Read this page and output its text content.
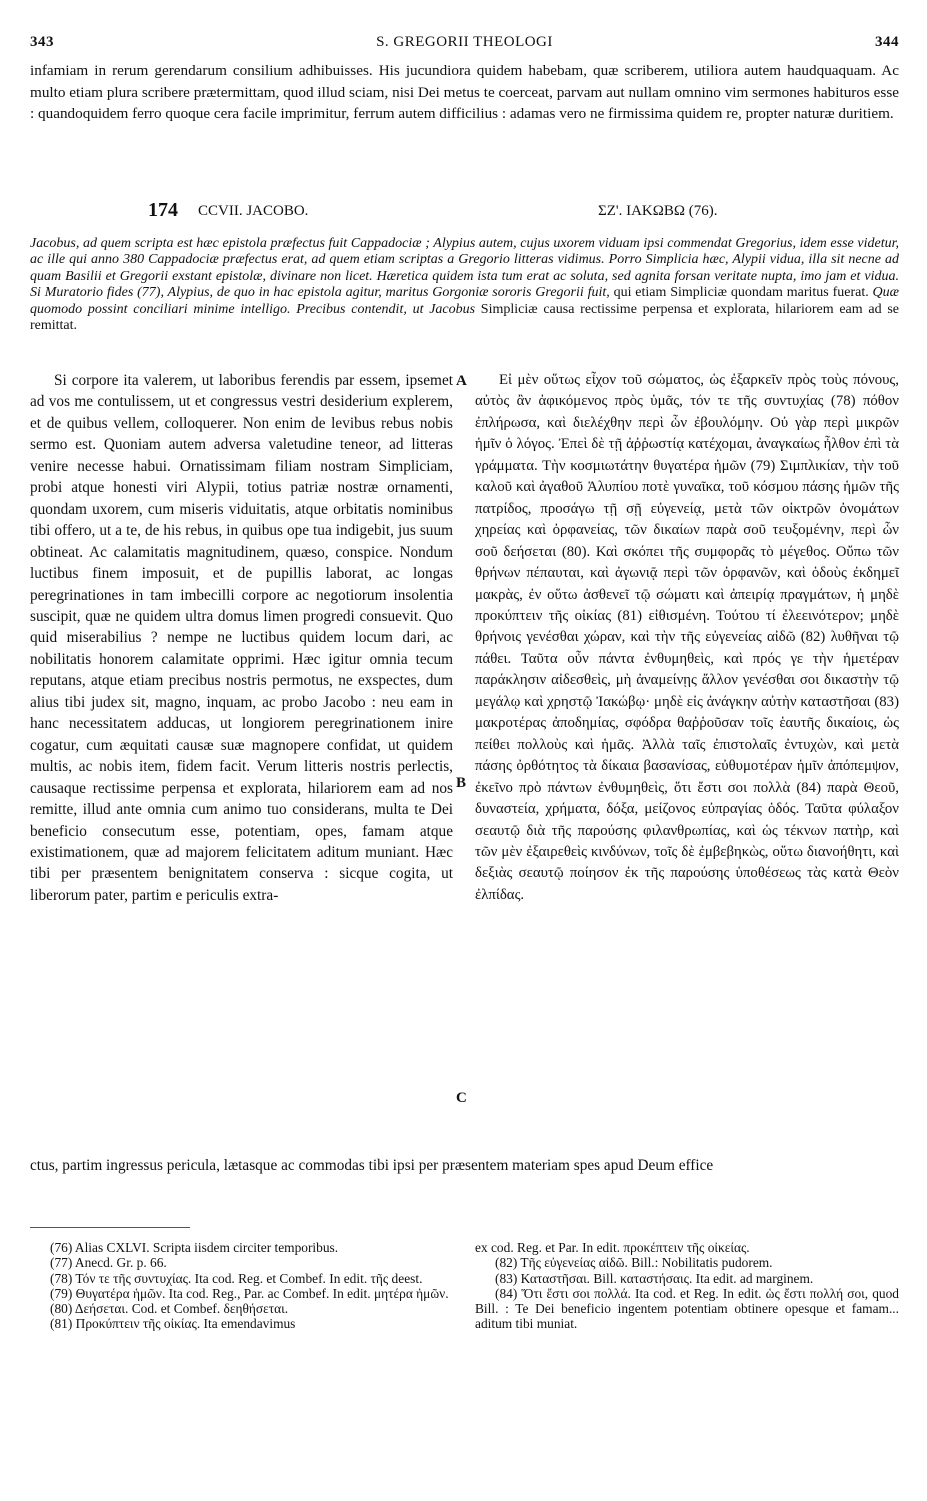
343	S. GREGORII THEOLOGI	344

infamiam in rerum gerendarum consilium adhibuisses. His jucundiora quidem habebam, quæ scriberem, utiliora autem haudquaquam. Ac multo etiam plura scribere prætermittam, quod illud sciam, nisi Dei metus te coerceat, parvam aut nullam omnino vim sermones habituros esse : quandoquidem ferro quoque cera facile imprimitur, ferrum autem difficilius : adamas vero ne firmissima quidem re, propter naturæ duritiem.

174 CCVII. JACOBO.	ΣΖ'. ΙΑΚΩΒΩ (76).
Jacobus, ad quem scripta est hæc epistola præfectus fuit Cappadociæ ; Alypius autem, cujus uxorem viduam ipsi commendat Gregorius, idem esse videtur, ac ille qui anno 380 Cappadociæ præfectus erat, ad quem etiam scriptas a Gregorio litteras vidimus. Porro Simplicia hæc, Alypii vidua, illa sit necne ad quam Basilii et Gregorii exstant epistolæ, divinare non licet. Hæretica quidem ista tum erat ac soluta, sed agnita forsan veritate nupta, imo jam et vidua. Si Muratorio fides (77), Alypius, de quo in hac epistola agitur, maritus Gorgoniæ sororis Gregorii fuit, qui etiam Simpliciæ quondam maritus fuerat. Quæ quomodo possint conciliari minime intelligo. Precibus contendit, ut Jacobus Simpliciæ causa rectissime perpensa et explorata, hilariorem eam ad se remittat.

Si corpore ita valerem, ut laboribus ferendis par essem, ipsemet ad vos me contulissem, ut et congressus vestri desiderium explerem, et de quibus vellem, colloquerer. Non enim de levibus rebus nobis sermo est. Quoniam autem adversa valetudine teneor, ad litteras venire necesse habui. Ornatissimam filiam nostram Simpliciam, probi atque honesti viri Alypii, totius patriæ nostræ ornamenti, quondam uxorem, cum miseris viduitatis, atque orbitatis nominibus tibi offero, ut a te, de his rebus, in quibus ope tua indigebit, jus suum obtineat. Ac calamitatis magnitudinem, quæso, conspice. Nondum luctibus finem imposuit, et de pupillis laborat, ac longas peregrinationes in tam imbecilli corpore ac negotiorum insolentia suscipit, quæ ne quidem ultra domus limen progredi consuevit. Quo quid miserabilius ? nempe ne luctibus quidem locum dari, ac nobilitatis honorem calamitate opprimi. Hæc igitur omnia tecum reputans, atque etiam precibus nostris permotus, ne exspectes, dum alius tibi judex sit, magno, inquam, ac probo Jacobo : neu eam in hanc necessitatem adducas, ut longiorem peregrinationem inire cogatur, cum æquitati causæ suæ magnopere confidat, ut quidem multis, ac nobis item, fidem facit. Verum litteris nostris perlectis, causaque rectissime perpensa et explorata, hilariorem eam ad nos remitte, illud ante omnia cum animo tuo considerans, multa te Dei beneficio consecutum esse, potentiam, opes, famam atque existimationem, quæ ad majorem felicitatem aditum muniant. Hæc tibi per præsentem benignitatem conserva : sicque cogita, ut liberorum pater, partim e periculis extra-

A
B
C

Εἰ μὲν οὕτως εἶχον τοῦ σώματος, ὡς ἐξαρκεῖν πρὸς τοὺς πόνους, αὐτὸς ἂν ἀφικόμενος πρὸς ὑμᾶς, τόν τε τῆς συντυχίας (78) πόθον ἐπλήρωσα, καὶ διελέχθην περὶ ὧν ἐβουλόμην. Οὐ γὰρ περὶ μικρῶν ἡμῖν ὁ λόγος. Ἐπεὶ δὲ τῇ ἀῤῥωστίᾳ κατέχομαι, ἀναγκαίως ἦλθον ἐπὶ τὰ γράμματα. Τὴν κοσμιωτάτην θυγατέρα ἡμῶν (79) Σιμπλικίαν, τὴν τοῦ καλοῦ καὶ ἀγαθοῦ Ἀλυπίου ποτὲ γυναῖκα, τοῦ κόσμου πάσης ἡμῶν τῆς πατρίδος, προσάγω τῇ σῇ εὐγενείᾳ, μετὰ τῶν οἰκτρῶν ὀνομάτων χηρείας καὶ ὀρφανείας, τῶν δικαίων παρὰ σοῦ τευξομένην, περὶ ὧν σοῦ δεήσεται (80). Καὶ σκόπει τῆς συμφορᾶς τὸ μέγεθος. Οὔπω τῶν θρήνων πέπαυται, καὶ ἀγωνιᾷ περὶ τῶν ὀρφανῶν, καὶ ὁδοὺς ἐκδημεῖ μακρὰς, ἐν οὕτω ἀσθενεῖ τῷ σώματι καὶ ἀπειρίᾳ πραγμάτων, ἡ μηδὲ προκύπτειν τῆς οἰκίας (81) εἰθισμένη. Τούτου τί ἐλεεινότερον; μηδὲ θρήνοις γενέσθαι χώραν, καὶ τὴν τῆς εὐγενείας αἰδῶ (82) λυθῆναι τῷ πάθει. Ταῦτα οὖν πάντα ἐνθυμηθεὶς, καὶ πρός γε τὴν ἡμετέραν παράκλησιν αἰδεσθεὶς, μὴ ἀναμείνῃς ἄλλον γενέσθαι σοι δικαστὴν τῷ μεγάλῳ καὶ χρηστῷ Ἰακώβῳ· μηδὲ εἰς ἀνάγκην αὐτὴν καταστῆσαι (83) μακροτέρας ἀποδημίας, σφόδρα θαῤῥοῦσαν τοῖς ἑαυτῆς δικαίοις, ὡς πείθει πολλοὺς καὶ ἡμᾶς. Ἀλλὰ ταῖς ἐπιστολαῖς ἐντυχὼν, καὶ μετὰ πάσης ὀρθότητος τὰ δίκαια βασανίσας, εὐθυμοτέραν ἡμῖν ἀπόπεμψον, ἐκεῖνο πρὸ πάντων ἐνθυμηθεὶς, ὅτι ἔστι σοι πολλὰ (84) παρὰ Θεοῦ, δυναστεία, χρήματα, δόξα, μείζονος εὐπραγίας ὁδός. Ταῦτα φύλαξον σεαυτῷ διὰ τῆς παρούσης φιλανθρωπίας, καὶ ὡς τέκνων πατὴρ, καὶ τῶν μὲν ἐξαιρεθεὶς κινδύνων, τοῖς δὲ ἐμβεβηκὼς, οὕτω διανοήθητι, καὶ δεξιὰς σεαυτῷ ποίησον ἐκ τῆς παρούσης ὑποθέσεως τὰς κατὰ Θεὸν ἐλπίδας.

ctus, partim ingressus pericula, lætasque ac commodas tibi ipsi per præsentem materiam spes apud Deum effice

(76) Alias CXLVI. Scripta iisdem circiter temporibus.

(77) Anecd. Gr. p. 66.

(78) Τόν τε τῆς συντυχίας. Ita cod. Reg. et Combef. In edit. τῆς deest.

(79) Θυγατέρα ἡμῶν. Ita cod. Reg., Par. ac Combef. In edit. μητέρα ἡμῶν.

(80) Δεήσεται. Cod. et Combef. δεηθήσεται.

(81) Προκύπτειν τῆς οἰκίας. Ita emendavimus

ex cod. Reg. et Par. In edit. προκέπτειν τῆς οἰκείας.

(82) Τῆς εὐγενείας αἰδῶ. Bill.: Nobilitatis pudorem.

(83) Καταστῆσαι. Bill. καταστήσαις. Ita edit. ad marginem.

(84) Ὅτι ἔστι σοι πολλά. Ita cod. et Reg. In edit. ὡς ἔστι πολλή σοι, quod Bill. : Te Dei beneficio ingentem potentiam obtinere opesque et famam... aditum tibi muniat.
